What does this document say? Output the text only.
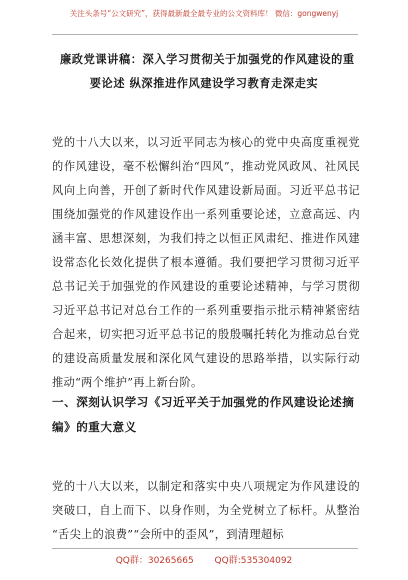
关注头条号“公文研究”，获得最新最全最专业的公文资料库！ 微信：gongwenyj
廉政党课讲稿：深入学习贯彻关于加强党的作风建设的重
要论述 纵深推进作风建设学习教育走深走实

党的十八大以来，以习近平同志为核心的党中央高度重视党的作风建设，毫不松懈纠治“四风”，推动党风政风、社风民风向上向善，开创了新时代作风建设新局面。习近平总书记围绕加强党的作风建设作出一系列重要论述，立意高远、内涵丰富、思想深刻，为我们持之以恒正风肃纪、推进作风建设常态化长效化提供了根本遵循。我们要把学习贯彻习近平总书记关于加强党的作风建设的重要论述精神，与学习贯彻习近平总书记对总台工作的一系列重要指示批示精神紧密结合起来，切实把习近平总书记的殷殷嘱托转化为推动总台党的建设高质量发展和深化风气建设的思路举措，以实际行动推动“两个维护”再上新台阶。

一、深刻认识学习《习近平关于加强党的作风建设论述摘编》的重大意义

党的十八大以来，以制定和落实中央八项规定为作风建设的突破口，自上而下、以身作则，为全党树立了标杆。从整治 “舌尖上的浪费”“会所中的歪风”，到清理超标

QQ群：30265665 QQ群:535304092
